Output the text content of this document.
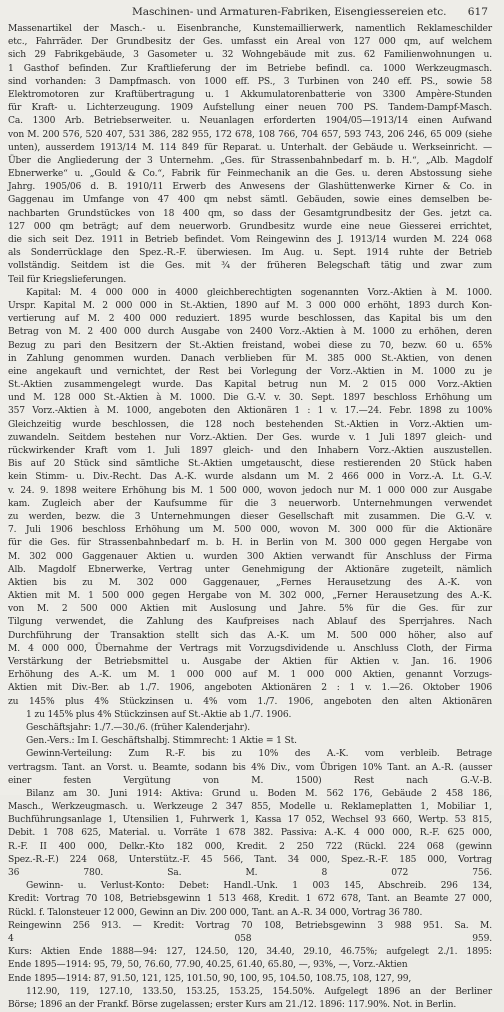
Maschinen- und Armaturen-Fabriken, Eisengiessereien etc. 617
Massenartikel der Masch.- u. Eisenbranche, Kunstemaillierwerk, namentlich Reklameschilder
etc., Fahrräder. Der Grundbesitz der Ges. umfasst ein Areal von 127 000 qm, auf welchem
sich 29 Fabrikgebäude, 3 Gasometer u. 32 Wohngebäude mit zus. 62 Familienwohnungen u.
1 Gasthof befinden. Zur Kraftlieferung der im Betriebe befindl. ca. 1000 Werkzeugmasch.
sind vorhanden: 3 Dampfmasch. von 1000 eff. PS., 3 Turbinen von 240 eff. PS., sowie 58
Elektromotoren zur Kraftübertragung u. 1 Akkumulatorenbatterie von 3300 Ampère-Stunden
für Kraft- u. Lichterzeugung. 1909 Aufstellung einer neuen 700 PS. Tandem-Dampf-Masch.
Ca. 1300 Arb. Betriebserweiter. u. Neuanlagen erforderten 1904/05—1913/14 einen Aufwand
von M. 200 576, 520 407, 531 386, 282 955, 172 678, 108 766, 704 657, 593 743, 206 246, 65 009 (siehe
unten), ausserdem 1913/14 M. 114 849 für Reparat. u. Unterhalt. der Gebäude u. Werkseinricht. —
Über die Angliederung der 3 Unternehm. „Ges. für Strassenbahnbedarf m. b. H.“, „Alb. Magdolf
Ebnerwerke“ u. „Gould & Co.“, Fabrik für Feinmechanik an die Ges. u. deren Abstossung siehe
Jahrg. 1905/06 d. B. 1910/11 Erwerb des Anwesens der Glashüttenwerke Kirner & Co. in
Gaggenau im Umfange von 47 400 qm nebst sämtl. Gebäuden, sowie eines demselben be-
nachbarten Grundstückes von 18 400 qm, so dass der Gesamtgrundbesitz der Ges. jetzt ca.
127 000 qm beträgt; auf dem neuerworb. Grundbesitz wurde eine neue Giesserei errichtet,
die sich seit Dez. 1911 in Betrieb befindet. Vom Reingewinn des J. 1913/14 wurden M. 224 068
als Sonderrücklage den Spez.-R.-F. überwiesen. Im Aug. u. Sept. 1914 ruhte der Betrieb
vollständig. Seitdem ist die Ges. mit ¾ der früheren Belegschaft tätig und zwar zum
Teil für Kriegslieferungen.
Kapital: M. 4 000 000 in 4000 gleichberechtigten sogenannten Vorz.-Aktien à M. 1000.
Urspr. Kapital M. 2 000 000 in St.-Aktien, 1890 auf M. 3 000 000 erhöht, 1893 durch Kon-
vertierung auf M. 2 400 000 reduziert. 1895 wurde beschlossen, das Kapital bis um den
Betrag von M. 2 400 000 durch Ausgabe von 2400 Vorz.-Aktien à M. 1000 zu erhöhen, deren
Bezug zu pari den Besitzern der St.-Aktien freistand, wobei diese zu 70, bezw. 60 u. 65%
in Zahlung genommen wurden. Danach verblieben für M. 385 000 St.-Aktien, von denen
eine angekauft und vernichtet, der Rest bei Vorlegung der Vorz.-Aktien in M. 1000 zu je
St.-Aktien zusammengelegt wurde. Das Kapital betrug nun M. 2 015 000 Vorz.-Aktien
und M. 128 000 St.-Aktien à M. 1000. Die G.-V. v. 30. Sept. 1897 beschloss Erhöhung um
357 Vorz.-Aktien à M. 1000, angeboten den Aktionären 1 : 1 v. 17.—24. Febr. 1898 zu 100%
Gleichzeitig wurde beschlossen, die 128 noch bestehenden St.-Aktien in Vorz.-Aktien um-
zuwandeln. Seitdem bestehen nur Vorz.-Aktien. Der Ges. wurde v. 1 Juli 1897 gleich- und
rückwirkender Kraft vom 1. Juli 1897 gleich- und den Inhabern Vorz.-Aktien auszustellen.
Bis auf 20 Stück sind sämtliche St.-Aktien umgetauscht, diese restierenden 20 Stück haben
kein Stimm- u. Div.-Recht. Das A.-K. wurde alsdann um M. 2 466 000 in Vorz.-A. Lt. G.-V.
v. 24. 9. 1898 weitere Erhöhung bis M. 1 500 000, wovon jedoch nur M. 1 000 000 zur Ausgabe
kam. Zugleich aber der Kaufsumme für die 3 neuerworb. Unternehmungen verwendet
zu werden, bezw. die 3 Unternehmungen dieser Gesellschaft mit zusammen. Die G.-V. v.
7. Juli 1906 beschloss Erhöhung um M. 500 000, wovon M. 300 000 für die Aktionäre
für die Ges. für Strassenbahnbedarf m. b. H. in Berlin von M. 300 000 gegen Hergabe von
M. 302 000 Gaggenauer Aktien u. wurden 300 Aktien verwandt für Anschluss der Firma
Alb. Magdolf Ebnerwerke, Vertrag unter Genehmigung der Aktionäre zugeteilt, nämlich
Aktien bis zu M. 302 000 Gaggenauer, „Fernes Herausetzung des A.-K. von
Aktien mit M. 1 500 000 gegen Hergabe von M. 302 000, „Ferner Herausetzung des A.-K.
von M. 2 500 000 Aktien mit Auslosung und Jahre. 5% für die Ges. für zur
Tilgung verwendet, die Zahlung des Kaufpreises nach Ablauf des Sperrjahres. Nach
Durchführung der Transaktion stellt sich das A.-K. um M. 500 000 höher, also auf
M. 4 000 000, Übernahme der Vertrags mit Vorzugsdividende u. Anschluss Cloth, der Firma
Verstärkung der Betriebsmittel u. Ausgabe der Aktien für Aktien v. Jan. 16. 1906
Erhöhung des A.-K. um M. 1 000 000 auf M. 1 000 000 Aktien, genannt Vorzugs-
Aktien mit Div.-Ber. ab 1./7. 1906, angeboten Aktionären 2 : 1 v. 1.—26. Oktober 1906
zu 145% plus 4% Stückzinsen u. 4% vom 1./7. 1906, angeboten den alten Aktionären
1 zu 145% plus 4% Stückzinsen auf St.-Aktie ab 1./7. 1906.
Geschäftsjahr: 1./7.—30./6. (früher Kalenderjahr).
Gen.-Vers.: Im I. Geschäftshalbj. Stimmrecht: 1 Aktie = 1 St.
Gewinn-Verteilung: Zum R.-F. bis zu 10% des A.-K. vom verbleib. Betrage
vertragsm. Tant. an Vorst. u. Beamte, sodann bis 4% Div., vom Übrigen 10% Tant. an A.-R. (ausser
einer festen Vergütung von M. 1500) Rest nach G.-V.-B.
Bilanz am 30. Juni 1914: Aktiva: Grund u. Boden M. 562 176, Gebäude 2 458 186,
Masch., Werkzeugmasch. u. Werkzeuge 2 347 855, Modelle u. Reklameplatten 1, Mobiliar 1,
Buchführungsanlage 1, Utensilien 1, Fuhrwerk 1, Kassa 17 052, Wechsel 93 660, Wertp. 53 815,
Debit. 1 708 625, Material. u. Vorräte 1 678 382. Passiva: A.-K. 4 000 000, R.-F. 625 000,
R.-F. II 400 000, Delkr.-Kto 182 000, Kredit. 2 250 722 (Rückl. 224 068 (gewinn
Spez.-R.-F.) 224 068, Unterstütz.-F. 45 566, Tant. 34 000, Spez.-R.-F. 185 000, Vortrag
36 780. Sa. M. 8 072 756.
Gewinn- u. Verlust-Konto: Debet: Handl.-Unk. 1 003 145, Abschreib. 296 134,
Kredit: Vortrag 70 108, Betriebsgewinn 1 513 468, Kredit. 1 672 678, Tant. an Beamte 27 000,
Rückl. f. Talonsteuer 12 000, Gewinn an Div. 200 000, Tant. an A.-R. 34 000, Vortrag 36 780.
Reingewinn 256 913. — Kredit: Vortrag 70 108, Betriebsgewinn 3 988 951. Sa. M.
4 058 959.
Kurs: Aktien Ende 1888—94: 127, 124.50, 120, 34.40, 29.10, 46.75%; aufgelegt 2./1. 1895:
Ende 1895—1914: 95, 79, 50, 76.60, 77.90, 40.25, 61.40, 65.80, —, 93%, —, Vorz.-Aktien
Ende 1895—1914: 87, 91.50, 121, 125, 101.50, 90, 100, 95, 104.50, 108.75, 108, 127, 99,
112.90, 119, 127.10, 133.50, 153.25, 153.25, 154.50%. Aufgelegt 1896 an der Berliner
Börse; 1896 an der Frankf. Börse zugelassen; erster Kurs am 21./12. 1896: 117.90%. Not. in Berlin.
